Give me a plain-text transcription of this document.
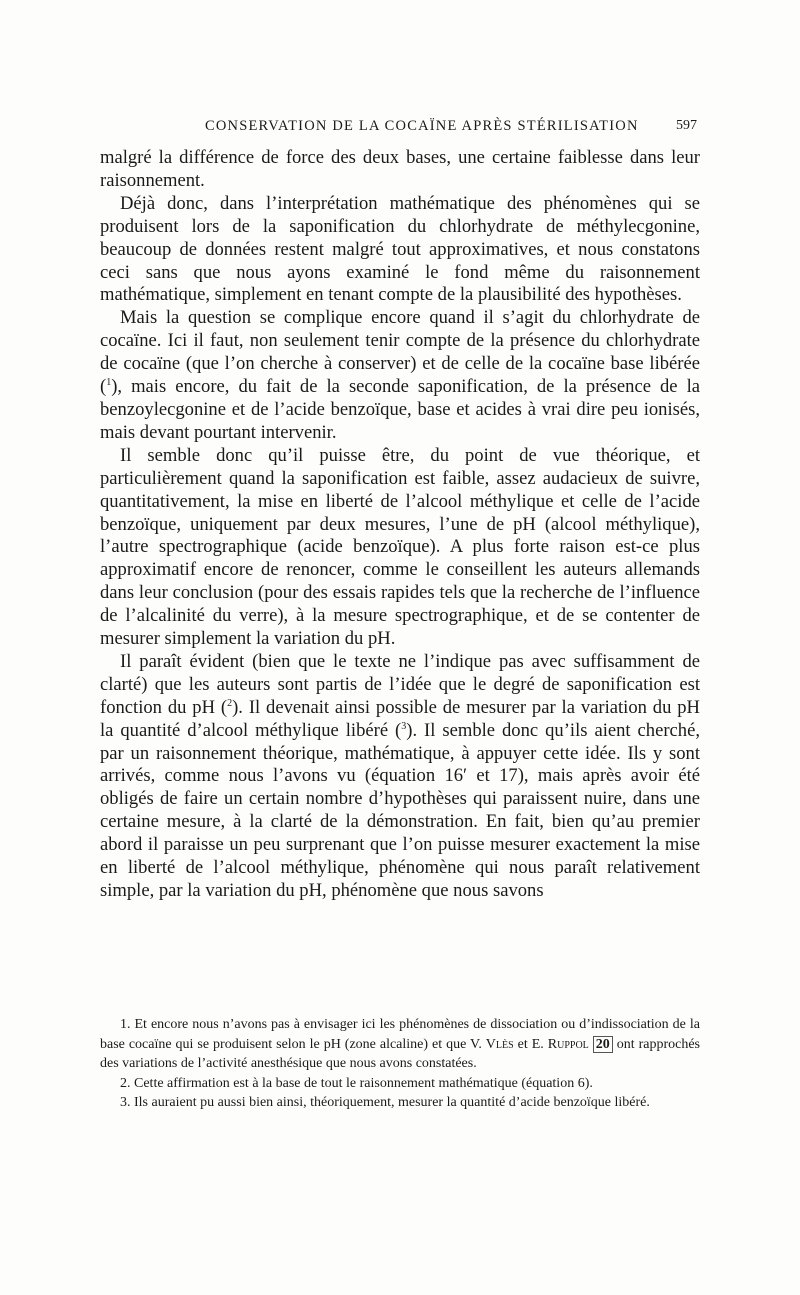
CONSERVATION DE LA COCAÏNE APRÈS STÉRILISATION	597

malgré la différence de force des deux bases, une certaine faiblesse dans leur raisonnement.

Déjà donc, dans l’interprétation mathématique des phénomènes qui se produisent lors de la saponification du chlorhydrate de méthylecgonine, beaucoup de données restent malgré tout approximatives, et nous constatons ceci sans que nous ayons examiné le fond même du raisonnement mathématique, simplement en tenant compte de la plausibilité des hypothèses.

Mais la question se complique encore quand il s’agit du chlorhydrate de cocaïne. Ici il faut, non seulement tenir compte de la présence du chlorhydrate de cocaïne (que l’on cherche à conserver) et de celle de la cocaïne base libérée ($^1$), mais encore, du fait de la seconde saponification, de la présence de la benzoylecgonine et de l’acide benzoïque, base et acides à vrai dire peu ionisés, mais devant pourtant intervenir.

Il semble donc qu’il puisse être, du point de vue théorique, et particulièrement quand la saponification est faible, assez audacieux de suivre, quantitativement, la mise en liberté de l’alcool méthylique et celle de l’acide benzoïque, uniquement par deux mesures, l’une de pH (alcool méthylique), l’autre spectrographique (acide benzoïque). A plus forte raison est-ce plus approximatif encore de renoncer, comme le conseillent les auteurs allemands dans leur conclusion (pour des essais rapides tels que la recherche de l’influence de l’alcalinité du verre), à la mesure spectrographique, et de se contenter de mesurer simplement la variation du pH.

Il paraît évident (bien que le texte ne l’indique pas avec suffisamment de clarté) que les auteurs sont partis de l’idée que le degré de saponification est fonction du pH ($^2$). Il devenait ainsi possible de mesurer par la variation du pH la quantité d’alcool méthylique libéré ($^3$). Il semble donc qu’ils aient cherché, par un raisonnement théorique, mathématique, à appuyer cette idée. Ils y sont arrivés, comme nous l’avons vu (équation 16′ et 17), mais après avoir été obligés de faire un certain nombre d’hypothèses qui paraissent nuire, dans une certaine mesure, à la clarté de la démonstration. En fait, bien qu’au premier abord il paraisse un peu surprenant que l’on puisse mesurer exactement la mise en liberté de l’alcool méthylique, phénomène qui nous paraît relativement simple, par la variation du pH, phénomène que nous savons

1. Et encore nous n’avons pas à envisager ici les phénomènes de dissociation ou d’indissociation de la base cocaïne qui se produisent selon le pH (zone alcaline) et que V. Vlès et E. Ruppol 20 ont rapprochés des variations de l’activité anesthésique que nous avons constatées.

2. Cette affirmation est à la base de tout le raisonnement mathématique (équation 6).

3. Ils auraient pu aussi bien ainsi, théoriquement, mesurer la quantité d’acide benzoïque libéré.
